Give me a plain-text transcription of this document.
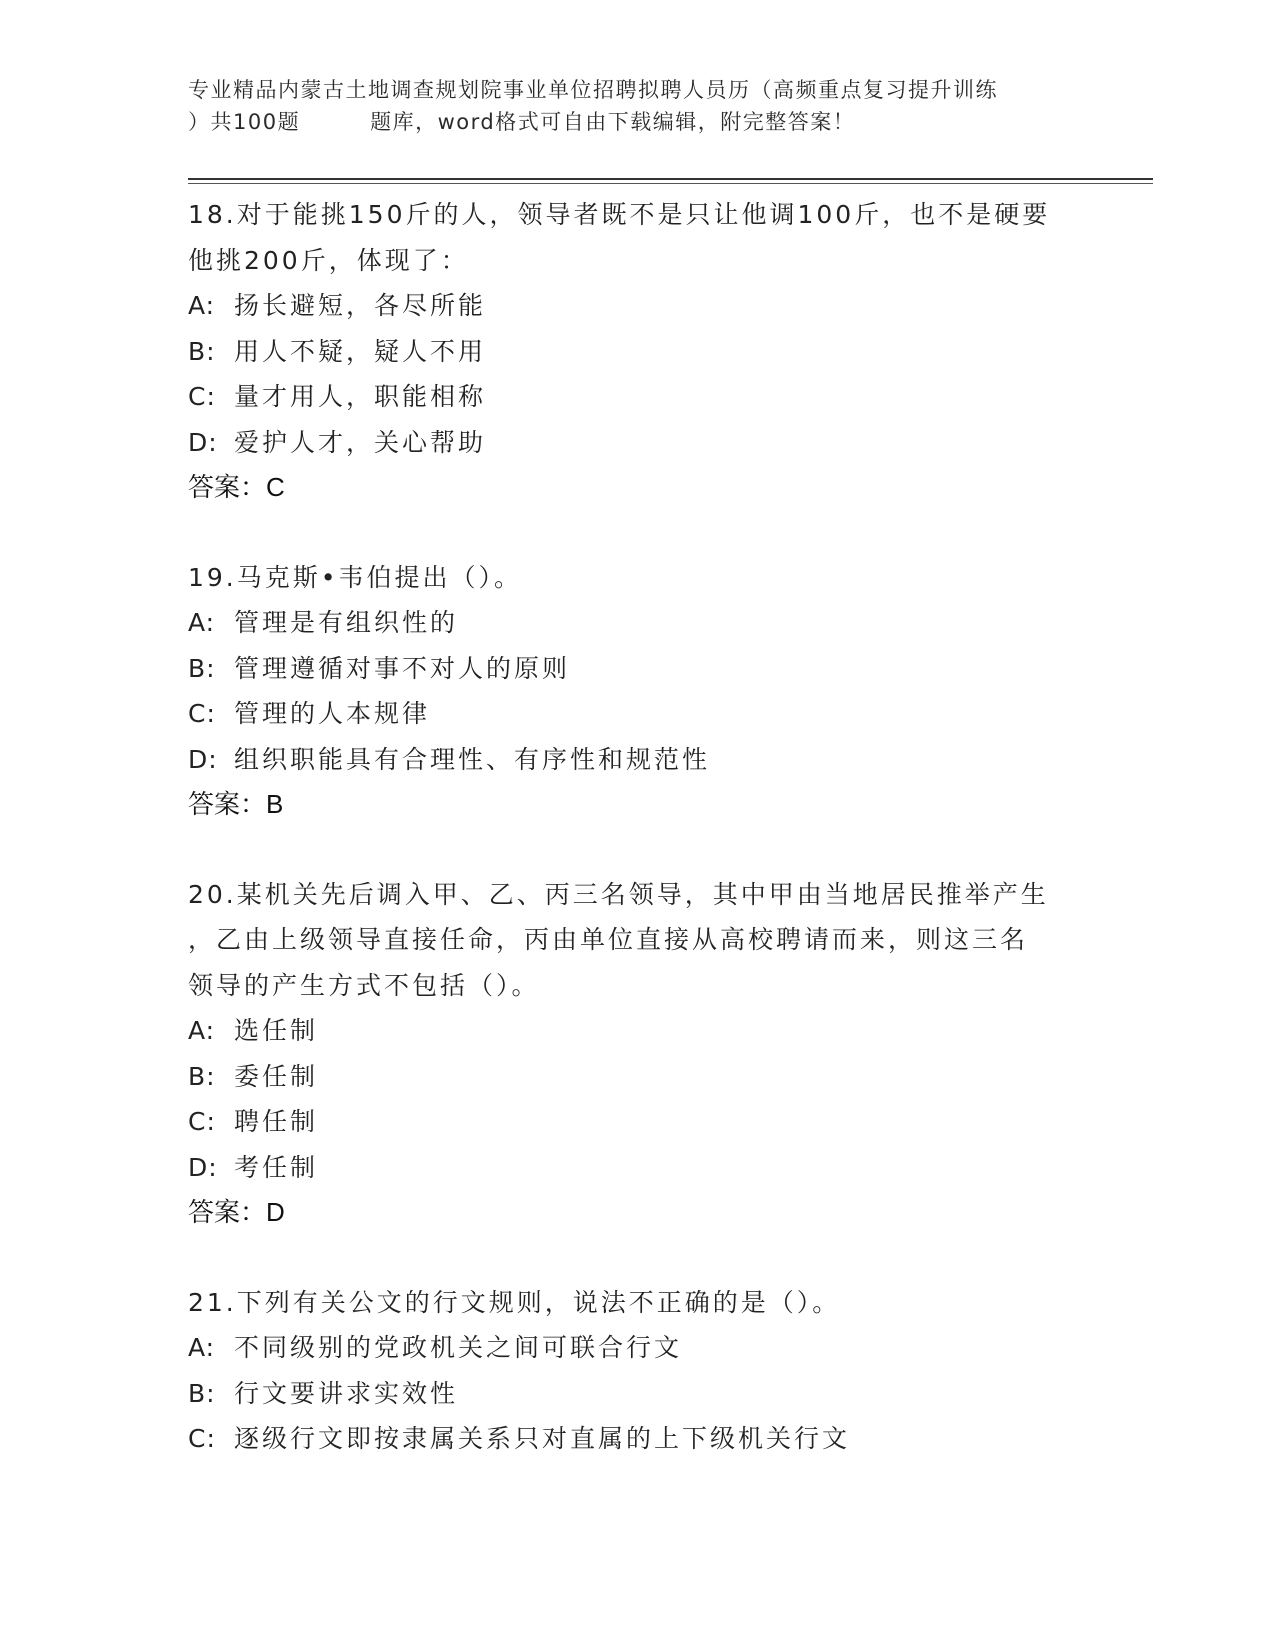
专业精品内蒙古土地调查规划院事业单位招聘拟聘人员历（高频重点复习提升训练
）共100题	题库，word格式可自由下载编辑，附完整答案！
18.对于能挑150斤的人，领导者既不是只让他调100斤，也不是硬要
他挑200斤，体现了：
A: 扬长避短，各尽所能
B: 用人不疑，疑人不用
C: 量才用人，职能相称
D: 爱护人才，关心帮助
答案：C
19.马克斯•韦伯提出（）。
A: 管理是有组织性的
B: 管理遵循对事不对人的原则
C: 管理的人本规律
D: 组织职能具有合理性、有序性和规范性
答案：B
20.某机关先后调入甲、乙、丙三名领导，其中甲由当地居民推举产生
，乙由上级领导直接任命，丙由单位直接从高校聘请而来，则这三名
领导的产生方式不包括（）。
A: 选任制
B: 委任制
C: 聘任制
D: 考任制
答案：D
21.下列有关公文的行文规则，说法不正确的是（）。
A: 不同级别的党政机关之间可联合行文
B: 行文要讲求实效性
C: 逐级行文即按隶属关系只对直属的上下级机关行文
